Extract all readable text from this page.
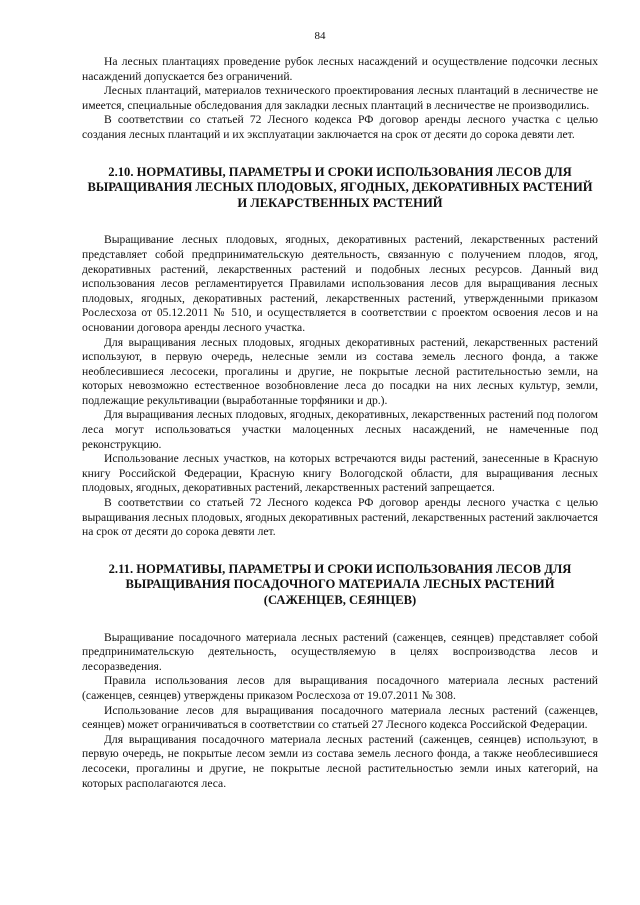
84

На лесных плантациях проведение рубок лесных насаждений и осуществление подсочки лесных насаждений допускается без ограничений.

Лесных плантаций, материалов технического проектирования лесных плантаций в лесничестве не имеется, специальные обследования для закладки лесных плантаций в лесничестве не производились.

В соответствии со статьей 72 Лесного кодекса РФ договор аренды лесного участка с целью создания лесных плантаций и их эксплуатации заключается на срок от десяти до сорока девяти лет.

2.10. НОРМАТИВЫ, ПАРАМЕТРЫ И СРОКИ ИСПОЛЬЗОВАНИЯ ЛЕСОВ ДЛЯ ВЫРАЩИВАНИЯ ЛЕСНЫХ ПЛОДОВЫХ, ЯГОДНЫХ, ДЕКОРАТИВНЫХ РАСТЕНИЙ И ЛЕКАРСТВЕННЫХ РАСТЕНИЙ

Выращивание лесных плодовых, ягодных, декоративных растений, лекарственных растений представляет собой предпринимательскую деятельность, связанную с получением плодов, ягод, декоративных растений, лекарственных растений и подобных лесных ресурсов. Данный вид использования лесов регламентируется Правилами использования лесов для выращивания лесных плодовых, ягодных, декоративных растений, лекарственных растений, утвержденными приказом Рослесхоза от 05.12.2011 № 510, и осуществляется в соответствии с проектом освоения лесов и на основании договора аренды лесного участка.

Для выращивания лесных плодовых, ягодных декоративных растений, лекарственных растений используют, в первую очередь, нелесные земли из состава земель лесного фонда, а также необлесившиеся лесосеки, прогалины и другие, не покрытые лесной растительностью земли, на которых невозможно естественное возобновление леса до посадки на них лесных культур, земли, подлежащие рекультивации (выработанные торфяники и др.).

Для выращивания лесных плодовых, ягодных, декоративных, лекарственных растений под пологом леса могут использоваться участки малоценных лесных насаждений, не намеченные под реконструкцию.

Использование лесных участков, на которых встречаются виды растений, занесенные в Красную книгу Российской Федерации, Красную книгу Вологодской области, для выращивания лесных плодовых, ягодных, декоративных растений, лекарственных растений запрещается.

В соответствии со статьей 72 Лесного кодекса РФ договор аренды лесного участка с целью выращивания лесных плодовых, ягодных декоративных растений, лекарственных растений заключается на срок от десяти до сорока девяти лет.

2.11. НОРМАТИВЫ, ПАРАМЕТРЫ И СРОКИ ИСПОЛЬЗОВАНИЯ ЛЕСОВ ДЛЯ ВЫРАЩИВАНИЯ ПОСАДОЧНОГО МАТЕРИАЛА ЛЕСНЫХ РАСТЕНИЙ (САЖЕНЦЕВ, СЕЯНЦЕВ)

Выращивание посадочного материала лесных растений (саженцев, сеянцев) представляет собой предпринимательскую деятельность, осуществляемую в целях воспроизводства лесов и лесоразведения.

Правила использования лесов для выращивания посадочного материала лесных растений (саженцев, сеянцев) утверждены приказом Рослесхоза от 19.07.2011 № 308.

Использование лесов для выращивания посадочного материала лесных растений (саженцев, сеянцев) может ограничиваться в соответствии со статьей 27 Лесного кодекса Российской Федерации.

Для выращивания посадочного материала лесных растений (саженцев, сеянцев) используют, в первую очередь, не покрытые лесом земли из состава земель лесного фонда, а также необлесившиеся лесосеки, прогалины и другие, не покрытые лесной растительностью земли иных категорий, на которых располагаются леса.
